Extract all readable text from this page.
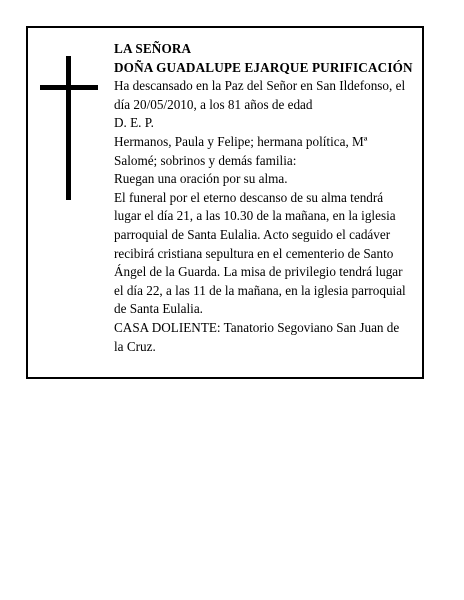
LA SEÑORA
DOÑA GUADALUPE EJARQUE PURIFICACIÓN
Ha descansado en la Paz del Señor en San Ildefonso, el
día 20/05/2010, a los 81 años de edad
D. E. P.
Hermanos, Paula y Felipe; hermana política, Mª
Salomé; sobrinos y demás familia:
Ruegan una oración por su alma.
El funeral por el eterno descanso de su alma tendrá
lugar el día 21, a las 10.30 de la mañana, en la iglesia
parroquial de Santa Eulalia. Acto seguido el cadáver
recibirá cristiana sepultura en el cementerio de Santo
Ángel de la Guarda. La misa de privilegio tendrá lugar
el día 22, a las 11 de la mañana, en la iglesia parroquial
de Santa Eulalia.
CASA DOLIENTE: Tanatorio Segoviano San Juan de
la Cruz.
